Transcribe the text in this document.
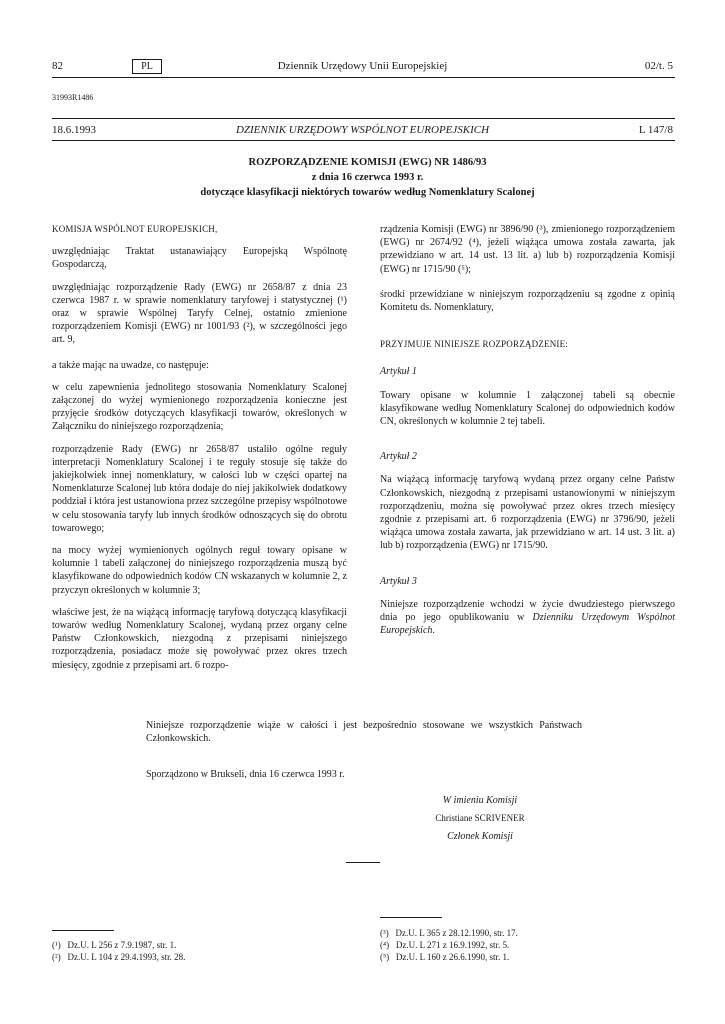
82	PL	Dziennik Urzędowy Unii Europejskiej	02/t. 5
31993R1486
18.6.1993	DZIENNIK URZĘDOWY WSPÓLNOT EUROPEJSKICH	L 147/8
ROZPORZĄDZENIE KOMISJI (EWG) NR 1486/93
z dnia 16 czerwca 1993 r.
dotyczące klasyfikacji niektórych towarów według Nomenklatury Scalonej

KOMISJA WSPÓLNOT EUROPEJSKICH,

uwzględniając Traktat ustanawiający Europejską Wspólnotę Gospodarczą,

uwzględniając rozporządzenie Rady (EWG) nr 2658/87 z dnia 23 czerwca 1987 r. w sprawie nomenklatury taryfowej i statystycznej (¹) oraz w sprawie Wspólnej Taryfy Celnej, ostatnio zmienione rozporządzeniem Komisji (EWG) nr 1001/93 (²), w szczególności jego art. 9,

a także mając na uwadze, co następuje:

w celu zapewnienia jednolitego stosowania Nomenklatury Scalonej załączonej do wyżej wymienionego rozporządzenia konieczne jest przyjęcie środków dotyczących klasyfikacji towarów, określonych w Załączniku do niniejszego rozporządzenia;

rozporządzenie Rady (EWG) nr 2658/87 ustaliło ogólne reguły interpretacji Nomenklatury Scalonej i te reguły stosuje się także do jakiejkolwiek innej nomenklatury, w całości lub w części opartej na Nomenklaturze Scalonej lub która dodaje do niej jakikolwiek dodatkowy poddział i która jest ustanowiona przez szczególne przepisy wspólnotowe w celu stosowania taryfy lub innych środków odnoszących się do obrotu towarowego;

na mocy wyżej wymienionych ogólnych reguł towary opisane w kolumnie 1 tabeli załączonej do niniejszego rozporządzenia muszą być klasyfikowane do odpowiednich kodów CN wskazanych w kolumnie 2, z przyczyn określonych w kolumnie 3;

właściwe jest, że na wiążącą informację taryfową dotyczącą klasyfikacji towarów według Nomenklatury Scalonej, wydaną przez organy celne Państw Członkowskich, niezgodną z przepisami niniejszego rozporządzenia, posiadacz może się powoływać przez okres trzech miesięcy, zgodnie z przepisami art. 6 rozpo-

rządzenia Komisji (EWG) nr 3896/90 (³), zmienionego rozporządzeniem (EWG) nr 2674/92 (⁴), jeżeli wiążąca umowa została zawarta, jak przewidziano w art. 14 ust. 13 lit. a) lub b) rozporządzenia Komisji (EWG) nr 1715/90 (⁵);

środki przewidziane w niniejszym rozporządzeniu są zgodne z opinią Komitetu ds. Nomenklatury,

PRZYJMUJE NINIEJSZE ROZPORZĄDZENIE:

Artykuł 1

Towary opisane w kolumnie 1 załączonej tabeli są obecnie klasyfikowane według Nomenklatury Scalonej do odpowiednich kodów CN, określonych w kolumnie 2 tej tabeli.

Artykuł 2

Na wiążącą informację taryfową wydaną przez organy celne Państw Członkowskich, niezgodną z przepisami ustanowionymi w niniejszym rozporządzeniu, można się powoływać przez okres trzech miesięcy zgodnie z przepisami art. 6 rozporządzenia (EWG) nr 3796/90, jeżeli wiążąca umowa została zawarta, jak przewidziano w art. 14 ust. 3 lit. a) lub b) rozporządzenia (EWG) nr 1715/90.

Artykuł 3

Niniejsze rozporządzenie wchodzi w życie dwudziestego pierwszego dnia po jego opublikowaniu w Dzienniku Urzędowym Wspólnot Europejskich.

Niniejsze rozporządzenie wiąże w całości i jest bezpośrednio stosowane we wszystkich Państwach Członkowskich.
Sporządzono w Brukseli, dnia 16 czerwca 1993 r.
W imieniu Komisji
Christiane SCRIVENER
Członek Komisji
(¹) Dz.U. L 256 z 7.9.1987, str. 1.
(²) Dz.U. L 104 z 29.4.1993, str. 28.
(³) Dz.U. L 365 z 28.12.1990, str. 17.
(⁴) Dz.U. L 271 z 16.9.1992, str. 5.
(⁵) Dz.U. L 160 z 26.6.1990, str. 1.
